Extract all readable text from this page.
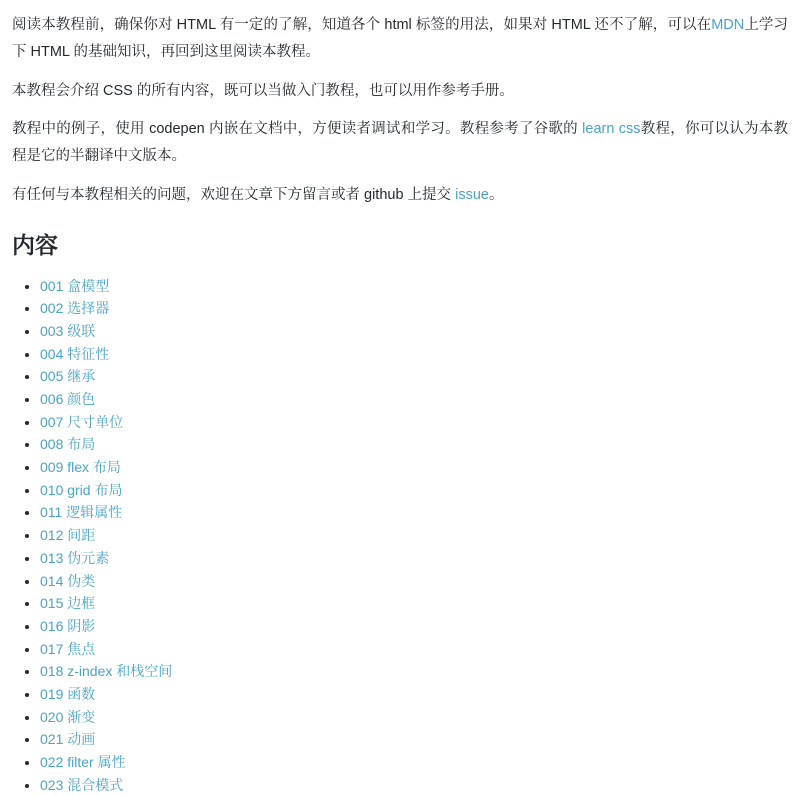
阅读本教程前，确保你对 HTML 有一定的了解，知道各个 html 标签的用法，如果对 HTML 还不了解，可以在MDN上学习下 HTML 的基础知识，再回到这里阅读本教程。

本教程会介绍 CSS 的所有内容，既可以当做入门教程，也可以用作参考手册。

教程中的例子，使用 codepen 内嵌在文档中，方便读者调试和学习。教程参考了谷歌的 learn css教程，你可以认为本教程是它的半翻译中文版本。

有任何与本教程相关的问题，欢迎在文章下方留言或者 github 上提交 issue。

内容
• 001 盒模型
• 002 选择器
• 003 级联
• 004 特征性
• 005 继承
• 006 颜色
• 007 尺寸单位
• 008 布局
• 009 flex 布局
• 010 grid 布局
• 011 逻辑属性
• 012 间距
• 013 伪元素
• 014 伪类
• 015 边框
• 016 阴影
• 017 焦点
• 018 z-index 和栈空间
• 019 函数
• 020 渐变
• 021 动画
• 022 filter 属性
• 023 混合模式
